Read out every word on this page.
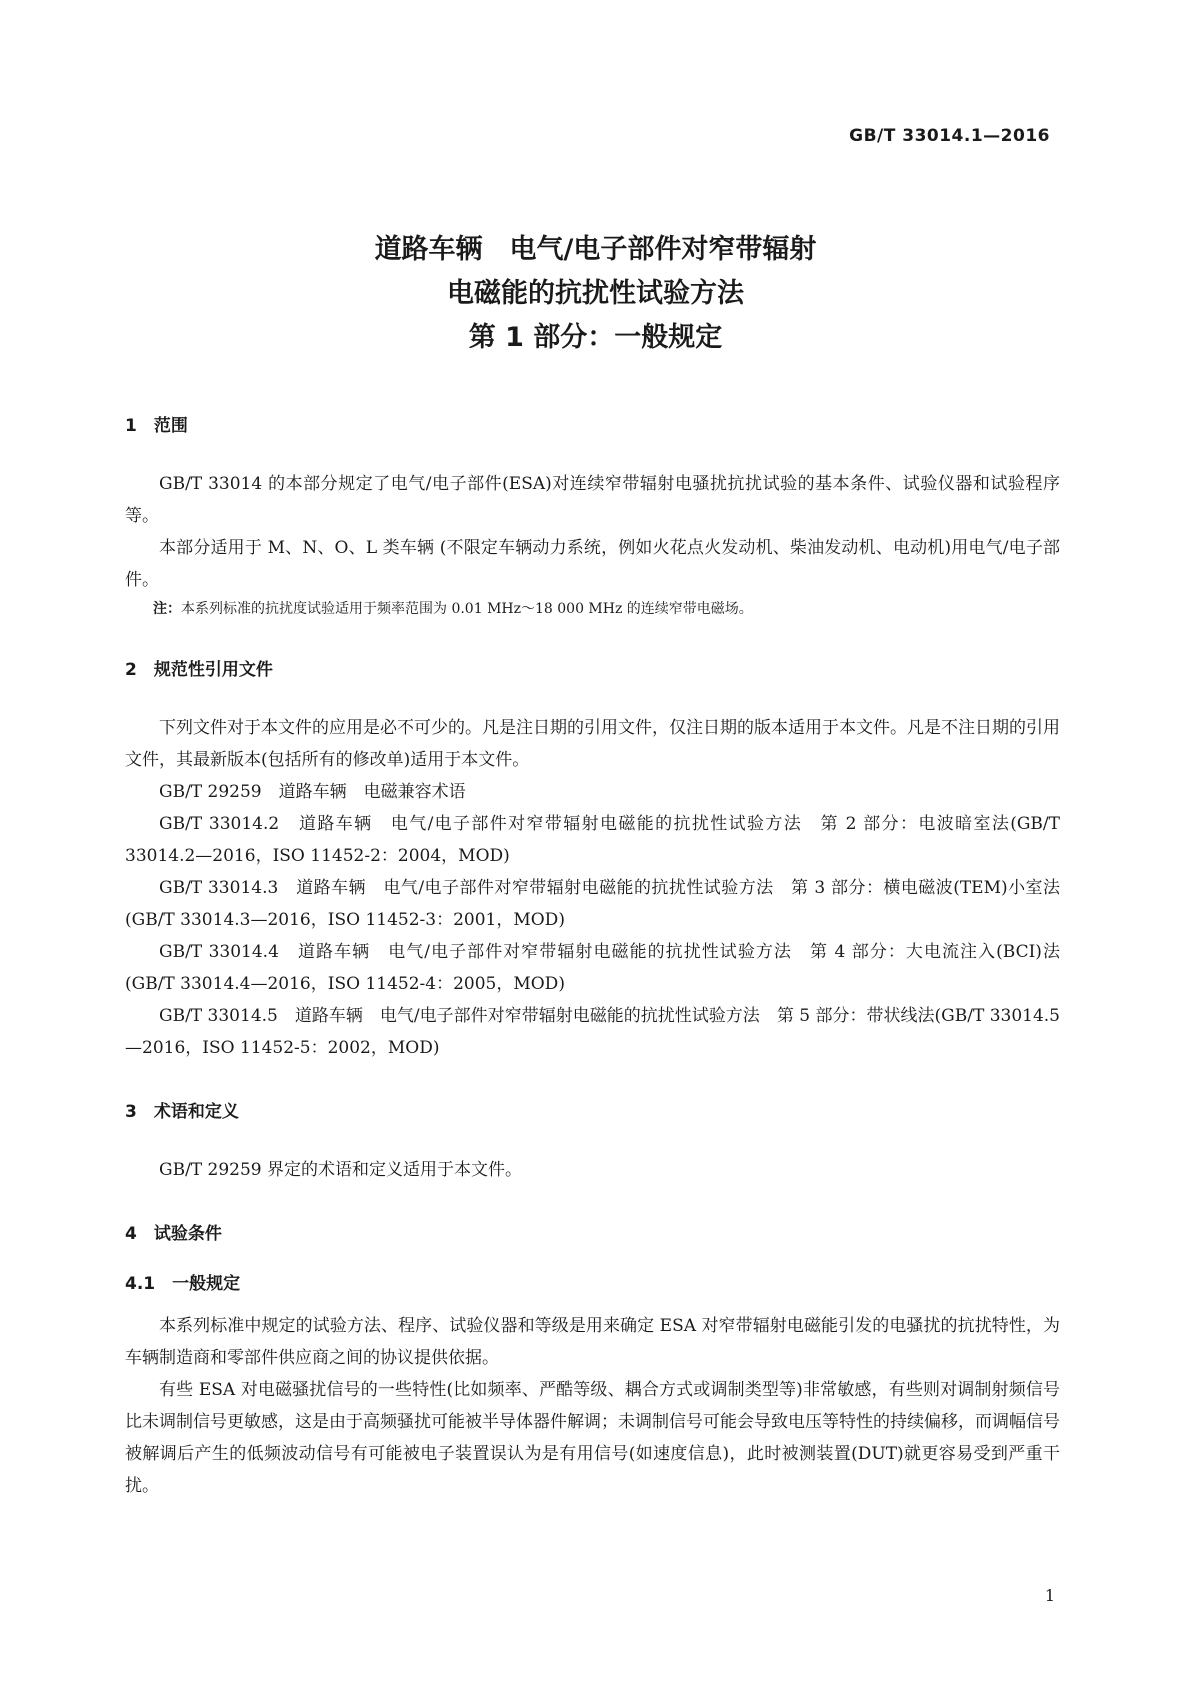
GB/T 33014.1—2016
道路车辆　电气/电子部件对窄带辐射
电磁能的抗扰性试验方法
第 1 部分：一般规定
1　范围

GB/T 33014 的本部分规定了电气/电子部件(ESA)对连续窄带辐射电骚扰抗扰试验的基本条件、试验仪器和试验程序等。

本部分适用于 M、N、O、L 类车辆 (不限定车辆动力系统，例如火花点火发动机、柴油发动机、电动机)用电气/电子部件。

注：本系列标准的抗扰度试验适用于频率范围为 0.01 MHz～18 000 MHz 的连续窄带电磁场。

2　规范性引用文件

下列文件对于本文件的应用是必不可少的。凡是注日期的引用文件，仅注日期的版本适用于本文件。凡是不注日期的引用文件，其最新版本(包括所有的修改单)适用于本文件。

GB/T 29259　道路车辆　电磁兼容术语
GB/T 33014.2　道路车辆　电气/电子部件对窄带辐射电磁能的抗扰性试验方法　第 2 部分：电波暗室法(GB/T 33014.2—2016，ISO 11452-2：2004，MOD)
GB/T 33014.3　道路车辆　电气/电子部件对窄带辐射电磁能的抗扰性试验方法　第 3 部分：横电磁波(TEM)小室法(GB/T 33014.3—2016，ISO 11452-3：2001，MOD)
GB/T 33014.4　道路车辆　电气/电子部件对窄带辐射电磁能的抗扰性试验方法　第 4 部分：大电流注入(BCI)法(GB/T 33014.4—2016，ISO 11452-4：2005，MOD)
GB/T 33014.5　道路车辆　电气/电子部件对窄带辐射电磁能的抗扰性试验方法　第 5 部分：带状线法(GB/T 33014.5—2016，ISO 11452-5：2002，MOD)
3　术语和定义

GB/T 29259 界定的术语和定义适用于本文件。

4　试验条件
4.1　一般规定

本系列标准中规定的试验方法、程序、试验仪器和等级是用来确定 ESA 对窄带辐射电磁能引发的电骚扰的抗扰特性，为车辆制造商和零部件供应商之间的协议提供依据。

有些 ESA 对电磁骚扰信号的一些特性(比如频率、严酷等级、耦合方式或调制类型等)非常敏感，有些则对调制射频信号比未调制信号更敏感，这是由于高频骚扰可能被半导体器件解调；未调制信号可能会导致电压等特性的持续偏移，而调幅信号被解调后产生的低频波动信号有可能被电子装置误认为是有用信号(如速度信息)，此时被测装置(DUT)就更容易受到严重干扰。

1
